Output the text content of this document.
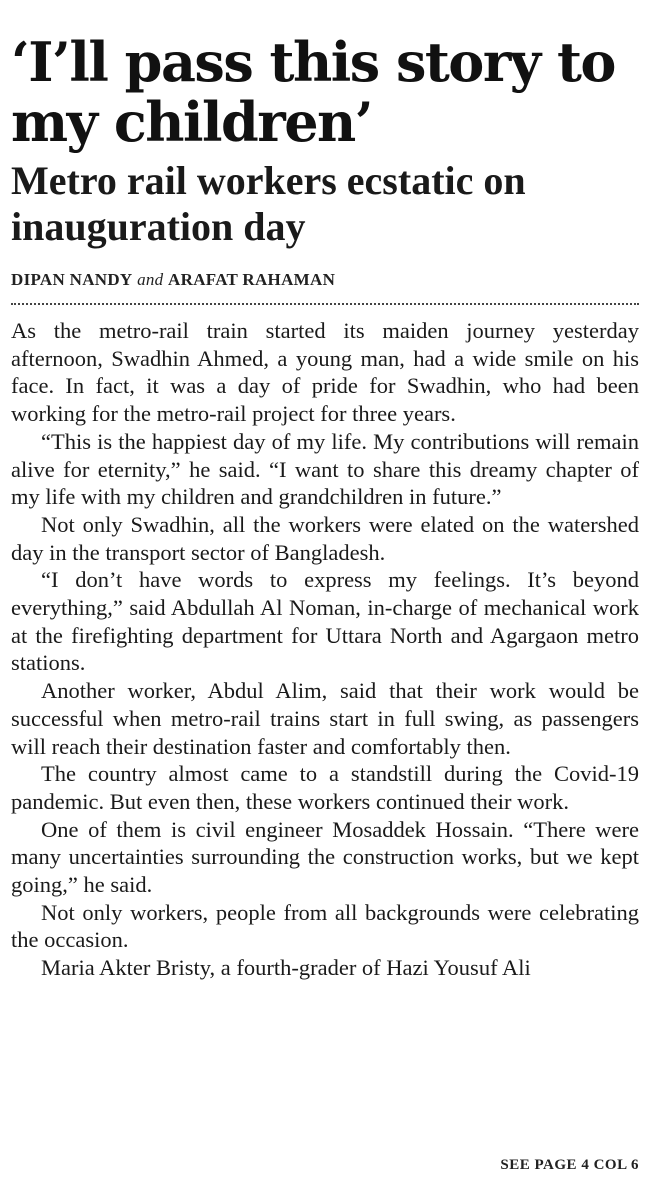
‘I’ll pass this story to my children’
Metro rail workers ecstatic on inauguration day
DIPAN NANDY and ARAFAT RAHAMAN

As the metro-rail train started its maiden journey yesterday afternoon, Swadhin Ahmed, a young man, had a wide smile on his face. In fact, it was a day of pride for Swadhin, who had been working for the metro-rail project for three years.

“This is the happiest day of my life. My contributions will remain alive for eternity,” he said. “I want to share this dreamy chapter of my life with my children and grandchildren in future.”

Not only Swadhin, all the workers were elated on the watershed day in the transport sector of Bangladesh.

“I don’t have words to express my feelings. It’s beyond everything,” said Abdullah Al Noman, in-charge of mechanical work at the firefighting department for Uttara North and Agargaon metro stations.

Another worker, Abdul Alim, said that their work would be successful when metro-rail trains start in full swing, as passengers will reach their destination faster and comfortably then.

The country almost came to a standstill during the Covid-19 pandemic. But even then, these workers continued their work.

One of them is civil engineer Mosaddek Hossain. “There were many uncertainties surrounding the construction works, but we kept going,” he said.

Not only workers, people from all backgrounds were celebrating the occasion.

Maria Akter Bristy, a fourth-grader of Hazi Yousuf Ali

SEE PAGE 4 COL 6
